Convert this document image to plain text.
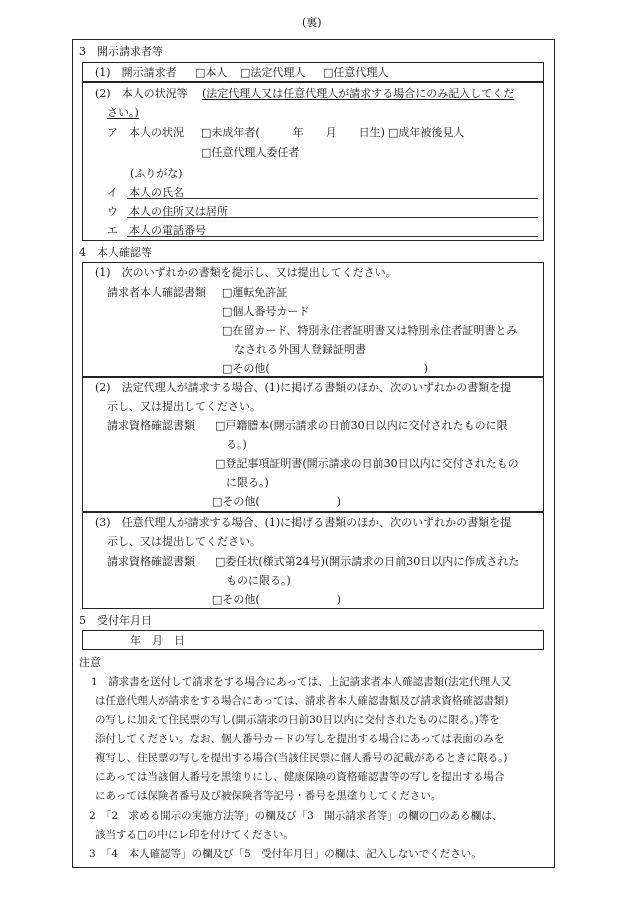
(裏)
3　開示請求者等
(1)　開示請求者 □本人 □法定代理人 □任意代理人
(2)　本人の状況等 (法定代理人又は任意代理人が請求する場合にのみ記入してくだ
さい。)
ア　本人の状況 □未成年者(　　　年　　月　　日生) □成年被後見人
□任意代理人委任者
(ふりがな)
イ　本人の氏名
ウ　本人の住所又は居所
エ　本人の電話番号
4　本人確認等
(1)　次のいずれかの書類を提示し、又は提出してください。
請求者本人確認書類 □運転免許証
□個人番号カード
□在留カード、特別永住者証明書又は特別永住者証明書とみ
なされる外国人登録証明書
□その他(　　　　　　　　　　　　　　)
(2)　法定代理人が請求する場合、(1)に掲げる書類のほか、次のいずれかの書類を提
示し、又は提出してください。
請求資格確認書類 □戸籍謄本(開示請求の日前30日以内に交付されたものに限
る。)
□登記事項証明書(開示請求の日前30日以内に交付されたもの
に限る。)
□その他(　　　　　　　)
(3)　任意代理人が請求する場合、(1)に掲げる書類のほか、次のいずれかの書類を提
示し、又は提出してください。
請求資格確認書類 □委任状(様式第24号)(開示請求の日前30日以内に作成された
ものに限る。)
□その他(　　　　　　　)
5　受付年月日
年　月　日
注意
1　請求書を送付して請求をする場合にあっては、上記請求者本人確認書類(法定代理人又
は任意代理人が請求をする場合にあっては、請求者本人確認書類及び請求資格確認書類)
の写しに加えて住民票の写し(開示請求の日前30日以内に交付されたものに限る。)等を
添付してください。なお、個人番号カードの写しを提出する場合にあっては表面のみを
複写し、住民票の写しを提出する場合(当該住民票に個人番号の記載があるときに限る。)
にあっては当該個人番号を黒塗りにし、健康保険の資格確認書等の写しを提出する場合
にあっては保険者番号及び被保険者等記号・番号を黒塗りしてください。
2　「2　求める開示の実施方法等」の欄及び「3　開示請求者等」の欄の□のある欄は、
該当する□の中にレ印を付けてください。
3　「4　本人確認等」の欄及び「5　受付年月日」の欄は、記入しないでください。
